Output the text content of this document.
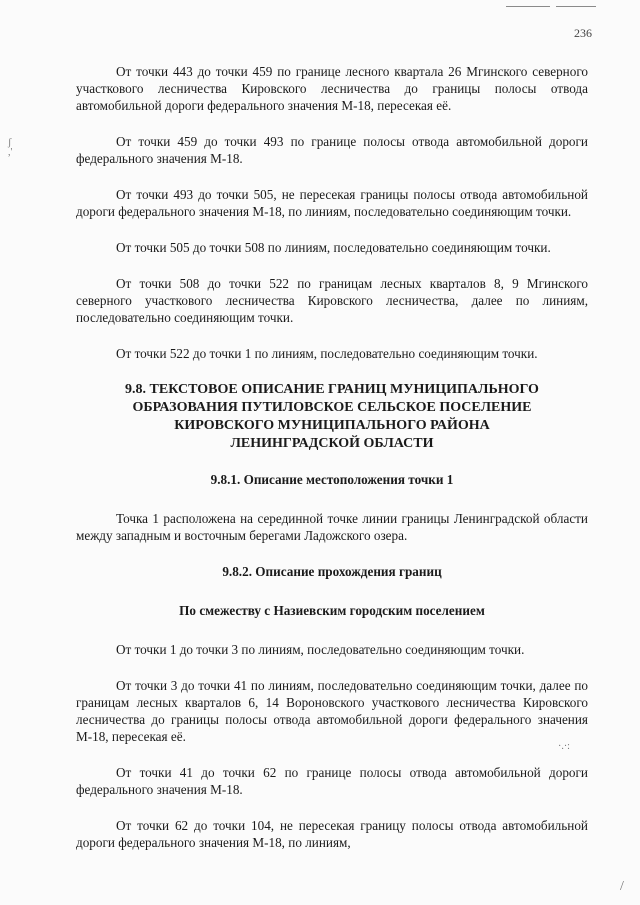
236
ʃ
,'
·.·:
/

От точки 443 до точки 459 по границе лесного квартала 26 Мгинского северного участкового лесничества Кировского лесничества до границы полосы отвода автомобильной дороги федерального значения М-18, пересекая её.

От точки 459 до точки 493 по границе полосы отвода автомобильной дороги федерального значения М-18.

От точки 493 до точки 505, не пересекая границы полосы отвода автомобильной дороги федерального значения М-18, по линиям, последовательно соединяющим точки.

От точки 505 до точки 508 по линиям, последовательно соединяющим точки.

От точки 508 до точки 522 по границам лесных кварталов 8, 9 Мгинского северного участкового лесничества Кировского лесничества, далее по линиям, последовательно соединяющим точки.

От точки 522 до точки 1 по линиям, последовательно соединяющим точки.

9.8. ТЕКСТОВОЕ ОПИСАНИЕ ГРАНИЦ МУНИЦИПАЛЬНОГО
ОБРАЗОВАНИЯ ПУТИЛОВСКОЕ СЕЛЬСКОЕ ПОСЕЛЕНИЕ
КИРОВСКОГО МУНИЦИПАЛЬНОГО РАЙОНА
ЛЕНИНГРАДСКОЙ ОБЛАСТИ
9.8.1. Описание местоположения точки 1

Точка 1 расположена на серединной точке линии границы Ленинградской области между западным и восточным берегами Ладожского озера.

9.8.2. Описание прохождения границ
По смежеству с Назиевским городским поселением

От точки 1 до точки 3 по линиям, последовательно соединяющим точки.

От точки 3 до точки 41 по линиям, последовательно соединяющим точки, далее по границам лесных кварталов 6, 14 Вороновского участкового лесничества Кировского лесничества до границы полосы отвода автомобильной дороги федерального значения М-18, пересекая её.

От точки 41 до точки 62 по границе полосы отвода автомобильной дороги федерального значения М-18.

От точки 62 до точки 104, не пересекая границу полосы отвода автомобильной дороги федерального значения М-18, по линиям,
